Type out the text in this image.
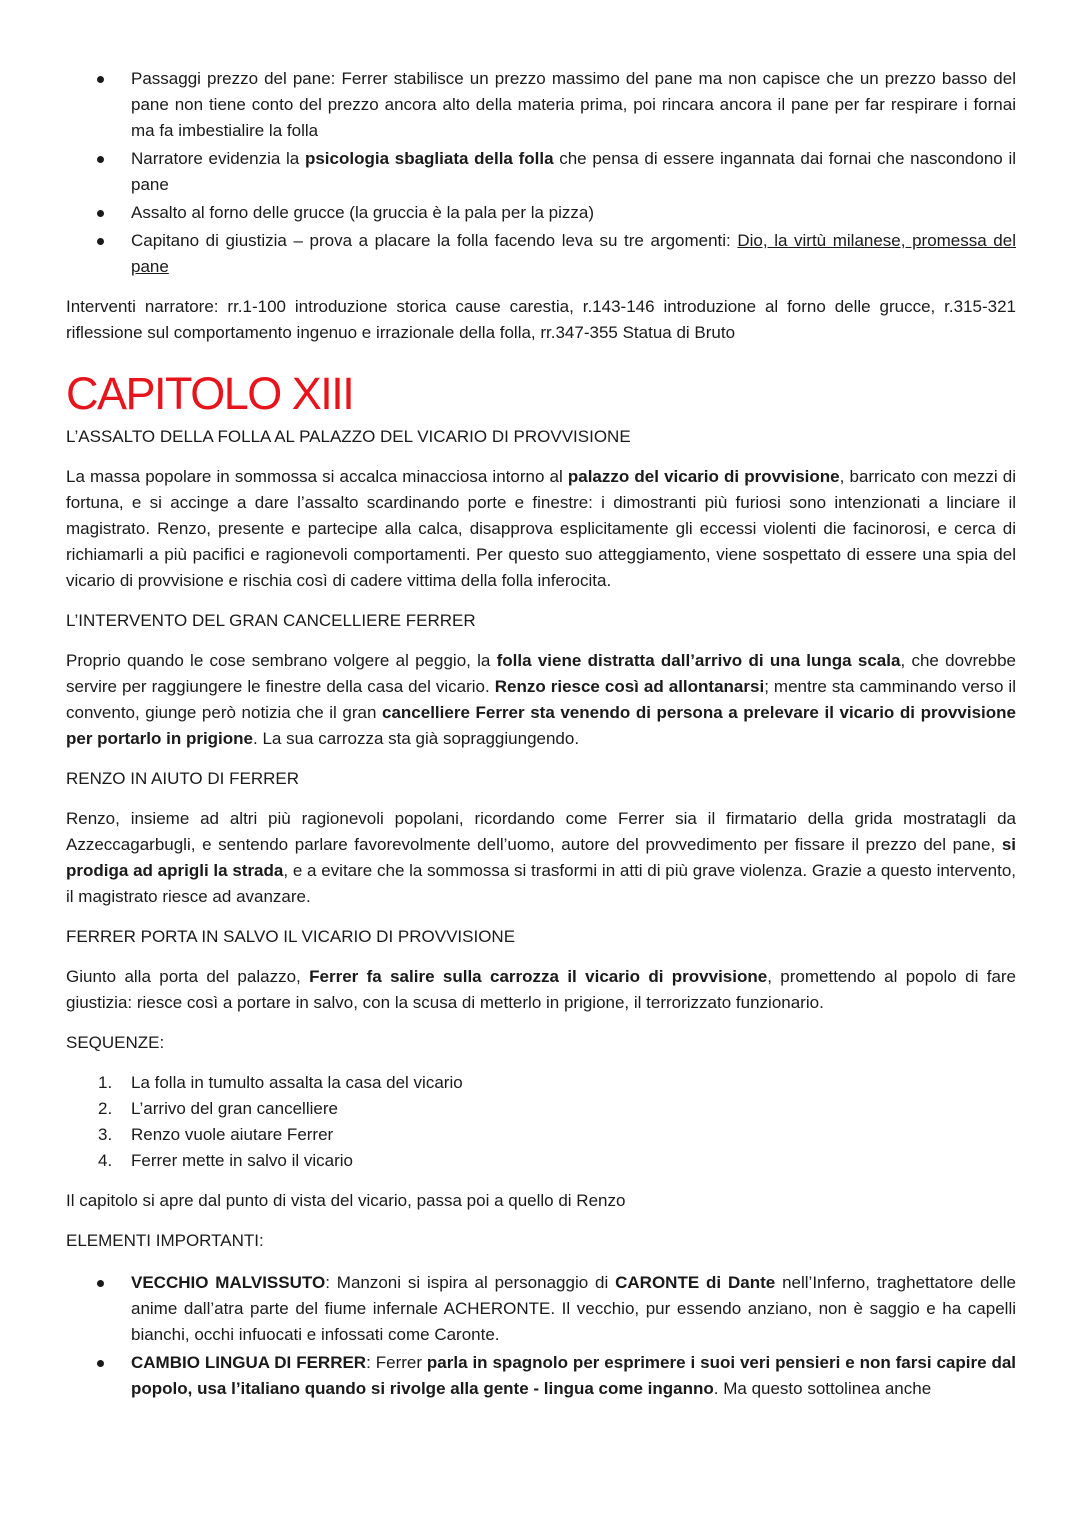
Passaggi prezzo del pane: Ferrer stabilisce un prezzo massimo del pane ma non capisce che un prezzo basso del pane non tiene conto del prezzo ancora alto della materia prima, poi rincara ancora il pane per far respirare i fornai ma fa imbestialire la folla
Narratore evidenzia la psicologia sbagliata della folla che pensa di essere ingannata dai fornai che nascondono il pane
Assalto al forno delle grucce (la gruccia è la pala per la pizza)
Capitano di giustizia – prova a placare la folla facendo leva su tre argomenti: Dio, la virtù milanese, promessa del pane

Interventi narratore: rr.1-100 introduzione storica cause carestia, r.143-146 introduzione al forno delle grucce, r.315-321 riflessione sul comportamento ingenuo e irrazionale della folla, rr.347-355 Statua di Bruto

CAPITOLO XIII

L’ASSALTO DELLA FOLLA AL PALAZZO DEL VICARIO DI PROVVISIONE

La massa popolare in sommossa si accalca minacciosa intorno al palazzo del vicario di provvisione, barricato con mezzi di fortuna, e si accinge a dare l’assalto scardinando porte e finestre: i dimostranti più furiosi sono intenzionati a linciare il magistrato. Renzo, presente e partecipe alla calca, disapprova esplicitamente gli eccessi violenti die facinorosi, e cerca di richiamarli a più pacifici e ragionevoli comportamenti. Per questo suo atteggiamento, viene sospettato di essere una spia del vicario di provvisione e rischia così di cadere vittima della folla inferocita.

L’INTERVENTO DEL GRAN CANCELLIERE FERRER

Proprio quando le cose sembrano volgere al peggio, la folla viene distratta dall’arrivo di una lunga scala, che dovrebbe servire per raggiungere le finestre della casa del vicario. Renzo riesce così ad allontanarsi; mentre sta camminando verso il convento, giunge però notizia che il gran cancelliere Ferrer sta venendo di persona a prelevare il vicario di provvisione per portarlo in prigione. La sua carrozza sta già sopraggiungendo.

RENZO IN AIUTO DI FERRER

Renzo, insieme ad altri più ragionevoli popolani, ricordando come Ferrer sia il firmatario della grida mostratagli da Azzeccagarbugli, e sentendo parlare favorevolmente dell’uomo, autore del provvedimento per fissare il prezzo del pane, si prodiga ad aprigli la strada, e a evitare che la sommossa si trasformi in atti di più grave violenza. Grazie a questo intervento, il magistrato riesce ad avanzare.

FERRER PORTA IN SALVO IL VICARIO DI PROVVISIONE

Giunto alla porta del palazzo, Ferrer fa salire sulla carrozza il vicario di provvisione, promettendo al popolo di fare giustizia: riesce così a portare in salvo, con la scusa di metterlo in prigione, il terrorizzato funzionario.

SEQUENZE:

1. La folla in tumulto assalta la casa del vicario
2. L’arrivo del gran cancelliere
3. Renzo vuole aiutare Ferrer
4. Ferrer mette in salvo il vicario

Il capitolo si apre dal punto di vista del vicario, passa poi a quello di Renzo

ELEMENTI IMPORTANTI:

VECCHIO MALVISSUTO: Manzoni si ispira al personaggio di CARONTE di Dante nell’Inferno, traghettatore delle anime dall’atra parte del fiume infernale ACHERONTE. Il vecchio, pur essendo anziano, non è saggio e ha capelli bianchi, occhi infuocati e infossati come Caronte.
CAMBIO LINGUA DI FERRER: Ferrer parla in spagnolo per esprimere i suoi veri pensieri e non farsi capire dal popolo, usa l’italiano quando si rivolge alla gente - lingua come inganno. Ma questo sottolinea anche
